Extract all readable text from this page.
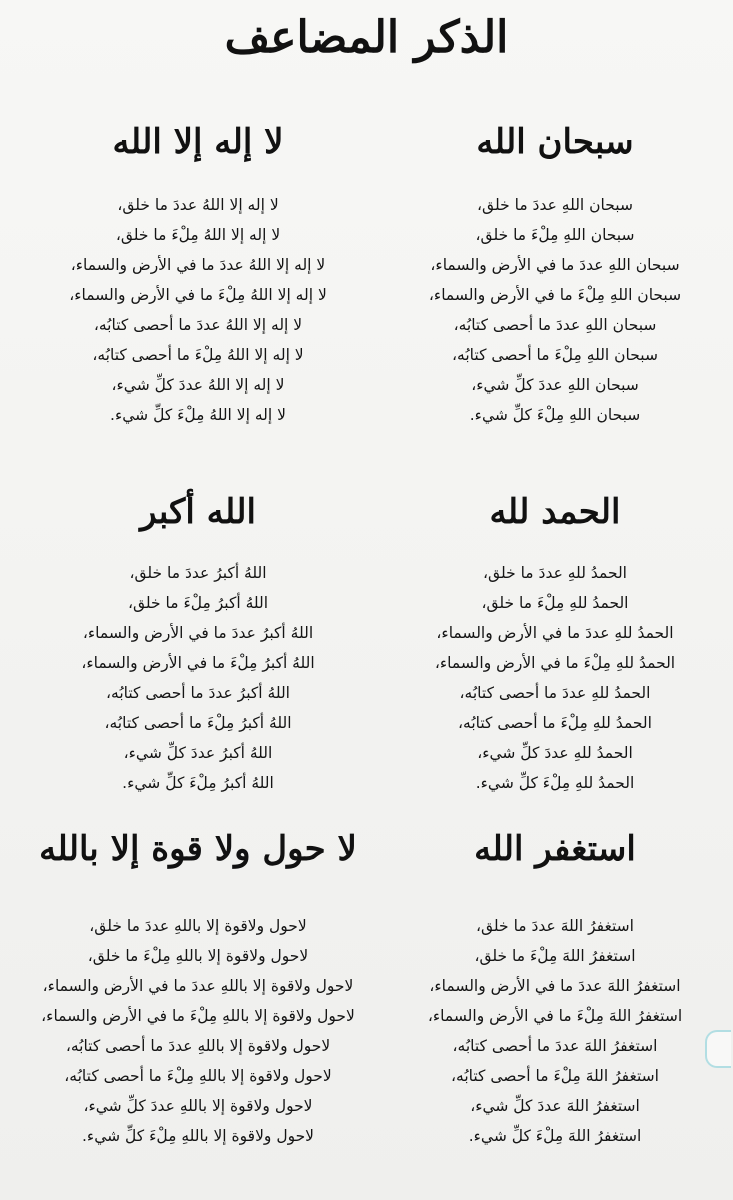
الذكر المضاعف
سبحان الله
سبحان اللهِ عددَ ما خلق،
سبحان اللهِ مِلْءَ ما خلق،
سبحان اللهِ عددَ ما في الأرض والسماء،
سبحان اللهِ مِلْءَ ما في الأرض والسماء،
سبحان اللهِ عددَ ما أحصى كتابُه،
سبحان اللهِ مِلْءَ ما أحصى كتابُه،
سبحان اللهِ عددَ كلِّ شيء،
سبحان اللهِ مِلْءَ كلِّ شيء.
لا إله إلا الله
لا إله إلا اللهُ عددَ ما خلق،
لا إله إلا اللهُ مِلْءَ ما خلق،
لا إله إلا اللهُ عددَ ما في الأرض والسماء،
لا إله إلا اللهُ مِلْءَ ما في الأرض والسماء،
لا إله إلا اللهُ عددَ ما أحصى كتابُه،
لا إله إلا اللهُ مِلْءَ ما أحصى كتابُه،
لا إله إلا اللهُ عددَ كلِّ شيء،
لا إله إلا اللهُ مِلْءَ كلِّ شيء.
الحمد لله
الحمدُ للهِ عددَ ما خلق،
الحمدُ للهِ مِلْءَ ما خلق،
الحمدُ للهِ عددَ ما في الأرض والسماء،
الحمدُ للهِ مِلْءَ ما في الأرض والسماء،
الحمدُ للهِ عددَ ما أحصى كتابُه،
الحمدُ للهِ مِلْءَ ما أحصى كتابُه،
الحمدُ للهِ عددَ كلِّ شيء،
الحمدُ للهِ مِلْءَ كلِّ شيء.
الله أكبر
اللهُ أكبرُ عددَ ما خلق،
اللهُ أكبرُ مِلْءَ ما خلق،
اللهُ أكبرُ عددَ ما في الأرض والسماء،
اللهُ أكبرُ مِلْءَ ما في الأرض والسماء،
اللهُ أكبرُ عددَ ما أحصى كتابُه،
اللهُ أكبرُ مِلْءَ ما أحصى كتابُه،
اللهُ أكبرُ عددَ كلِّ شيء،
اللهُ أكبرُ مِلْءَ كلِّ شيء.
استغفر الله
استغفرُ اللهَ عددَ ما خلق،
استغفرُ اللهَ مِلْءَ ما خلق،
استغفرُ اللهَ عددَ ما في الأرض والسماء،
استغفرُ اللهَ مِلْءَ ما في الأرض والسماء،
استغفرُ اللهَ عددَ ما أحصى كتابُه،
استغفرُ اللهَ مِلْءَ ما أحصى كتابُه،
استغفرُ اللهَ عددَ كلِّ شيء،
استغفرُ اللهَ مِلْءَ كلِّ شيء.
لا حول ولا قوة إلا بالله
لاحول ولاقوة إلا باللهِ عددَ ما خلق،
لاحول ولاقوة إلا باللهِ مِلْءَ ما خلق،
لاحول ولاقوة إلا باللهِ عددَ ما في الأرض والسماء،
لاحول ولاقوة إلا باللهِ مِلْءَ ما في الأرض والسماء،
لاحول ولاقوة إلا باللهِ عددَ ما أحصى كتابُه،
لاحول ولاقوة إلا باللهِ مِلْءَ ما أحصى كتابُه،
لاحول ولاقوة إلا باللهِ عددَ كلِّ شيء،
لاحول ولاقوة إلا باللهِ مِلْءَ كلِّ شيء.
